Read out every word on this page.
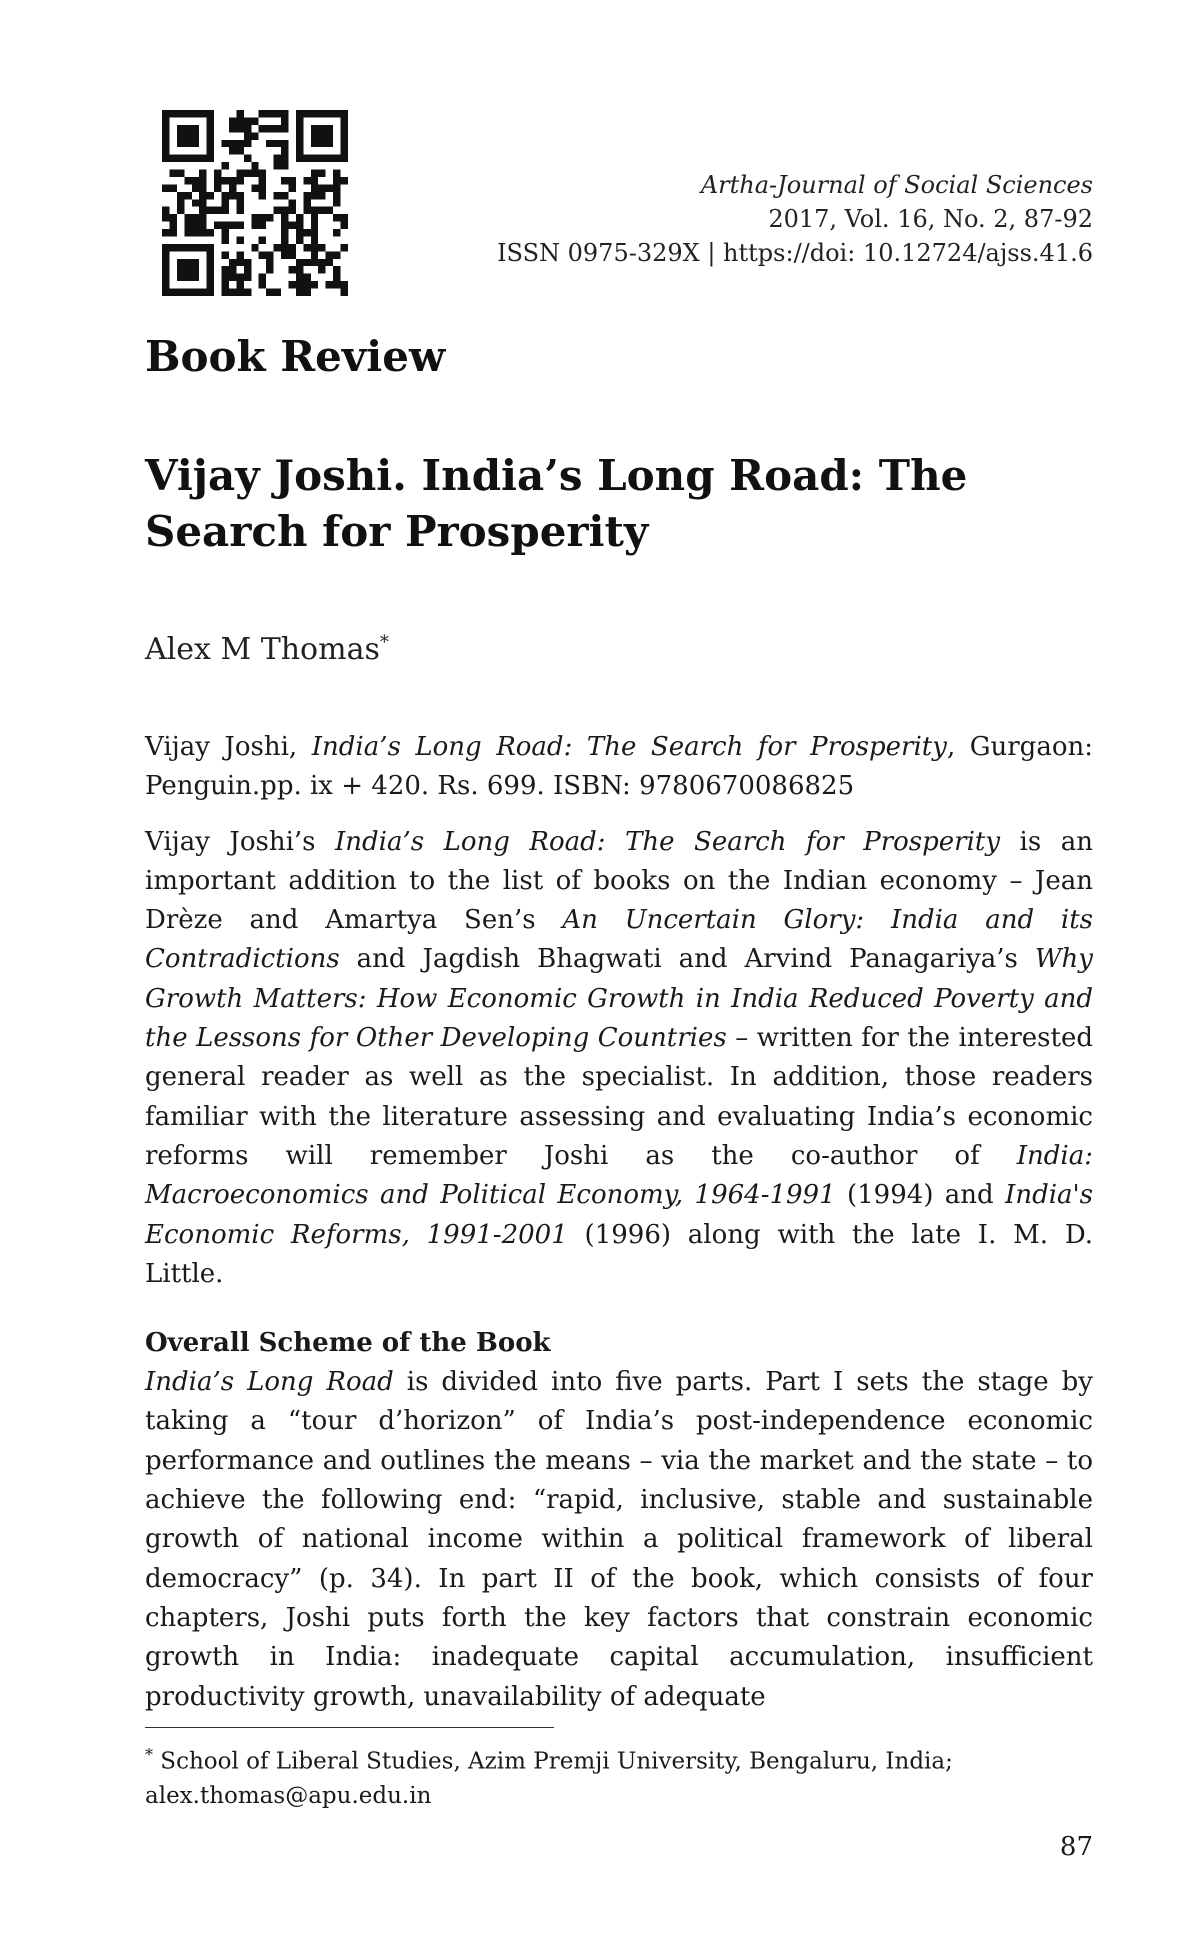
Artha-Journal of Social Sciences
2017, Vol. 16, No. 2, 87-92
ISSN 0975-329X | https://doi: 10.12724/ajss.41.6
Book Review
Vijay Joshi. India’s Long Road: The Search for Prosperity
Alex M Thomas*

Vijay Joshi, India’s Long Road: The Search for Prosperity, Gurgaon: Penguin.pp. ix + 420. Rs. 699. ISBN: 9780670086825

Vijay Joshi’s India’s Long Road: The Search for Prosperity is an important addition to the list of books on the Indian economy – Jean Drèze and Amartya Sen’s An Uncertain Glory: India and its Contradictions and Jagdish Bhagwati and Arvind Panagariya’s Why Growth Matters: How Economic Growth in India Reduced Poverty and the Lessons for Other Developing Countries – written for the interested general reader as well as the specialist. In addition, those readers familiar with the literature assessing and evaluating India’s economic reforms will remember Joshi as the co-author of India: Macroeconomics and Political Economy, 1964-1991 (1994) and India's Economic Reforms, 1991-2001 (1996) along with the late I. M. D. Little.

Overall Scheme of the Book

India’s Long Road is divided into five parts. Part I sets the stage by taking a “tour d’horizon” of India’s post-independence economic performance and outlines the means – via the market and the state – to achieve the following end: “rapid, inclusive, stable and sustainable growth of national income within a political framework of liberal democracy” (p. 34). In part II of the book, which consists of four chapters, Joshi puts forth the key factors that constrain economic growth in India: inadequate capital accumulation, insufficient productivity growth, unavailability of adequate

* School of Liberal Studies, Azim Premji University, Bengaluru, India; alex.thomas@apu.edu.in
87
